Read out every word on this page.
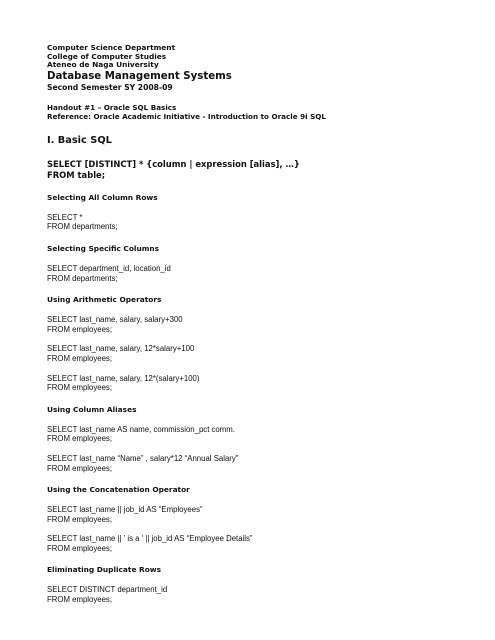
Computer Science Department

College of Computer Studies

Ateneo de Naga University

Database Management Systems

Second Semester SY 2008-09

Handout #1 – Oracle SQL Basics

Reference: Oracle Academic Initiative - Introduction to Oracle 9i SQL

I. Basic SQL

SELECT [DISTINCT] * {column | expression [alias], …}

FROM table;

Selecting All Column Rows

SELECT *

FROM departments;

Selecting Specific Columns

SELECT department_id, location_id

FROM departments;

Using Arithmetic Operators

SELECT last_name, salary, salary+300

FROM employees;

SELECT last_name, salary, 12*salary+100

FROM employees;

SELECT last_name, salary, 12*(salary+100)

FROM employees;

Using Column Aliases

SELECT last_name AS name, commission_pct comm.

FROM employees;

SELECT last_name “Name” , salary*12 “Annual Salary”

FROM employees;

Using the Concatenation Operator

SELECT last_name || job_id AS “Employees”

FROM employees;

SELECT last_name || ' is a ' || job_id AS “Employee Details”

FROM employees;

Eliminating Duplicate Rows

SELECT DISTINCT department_id

FROM employees;
